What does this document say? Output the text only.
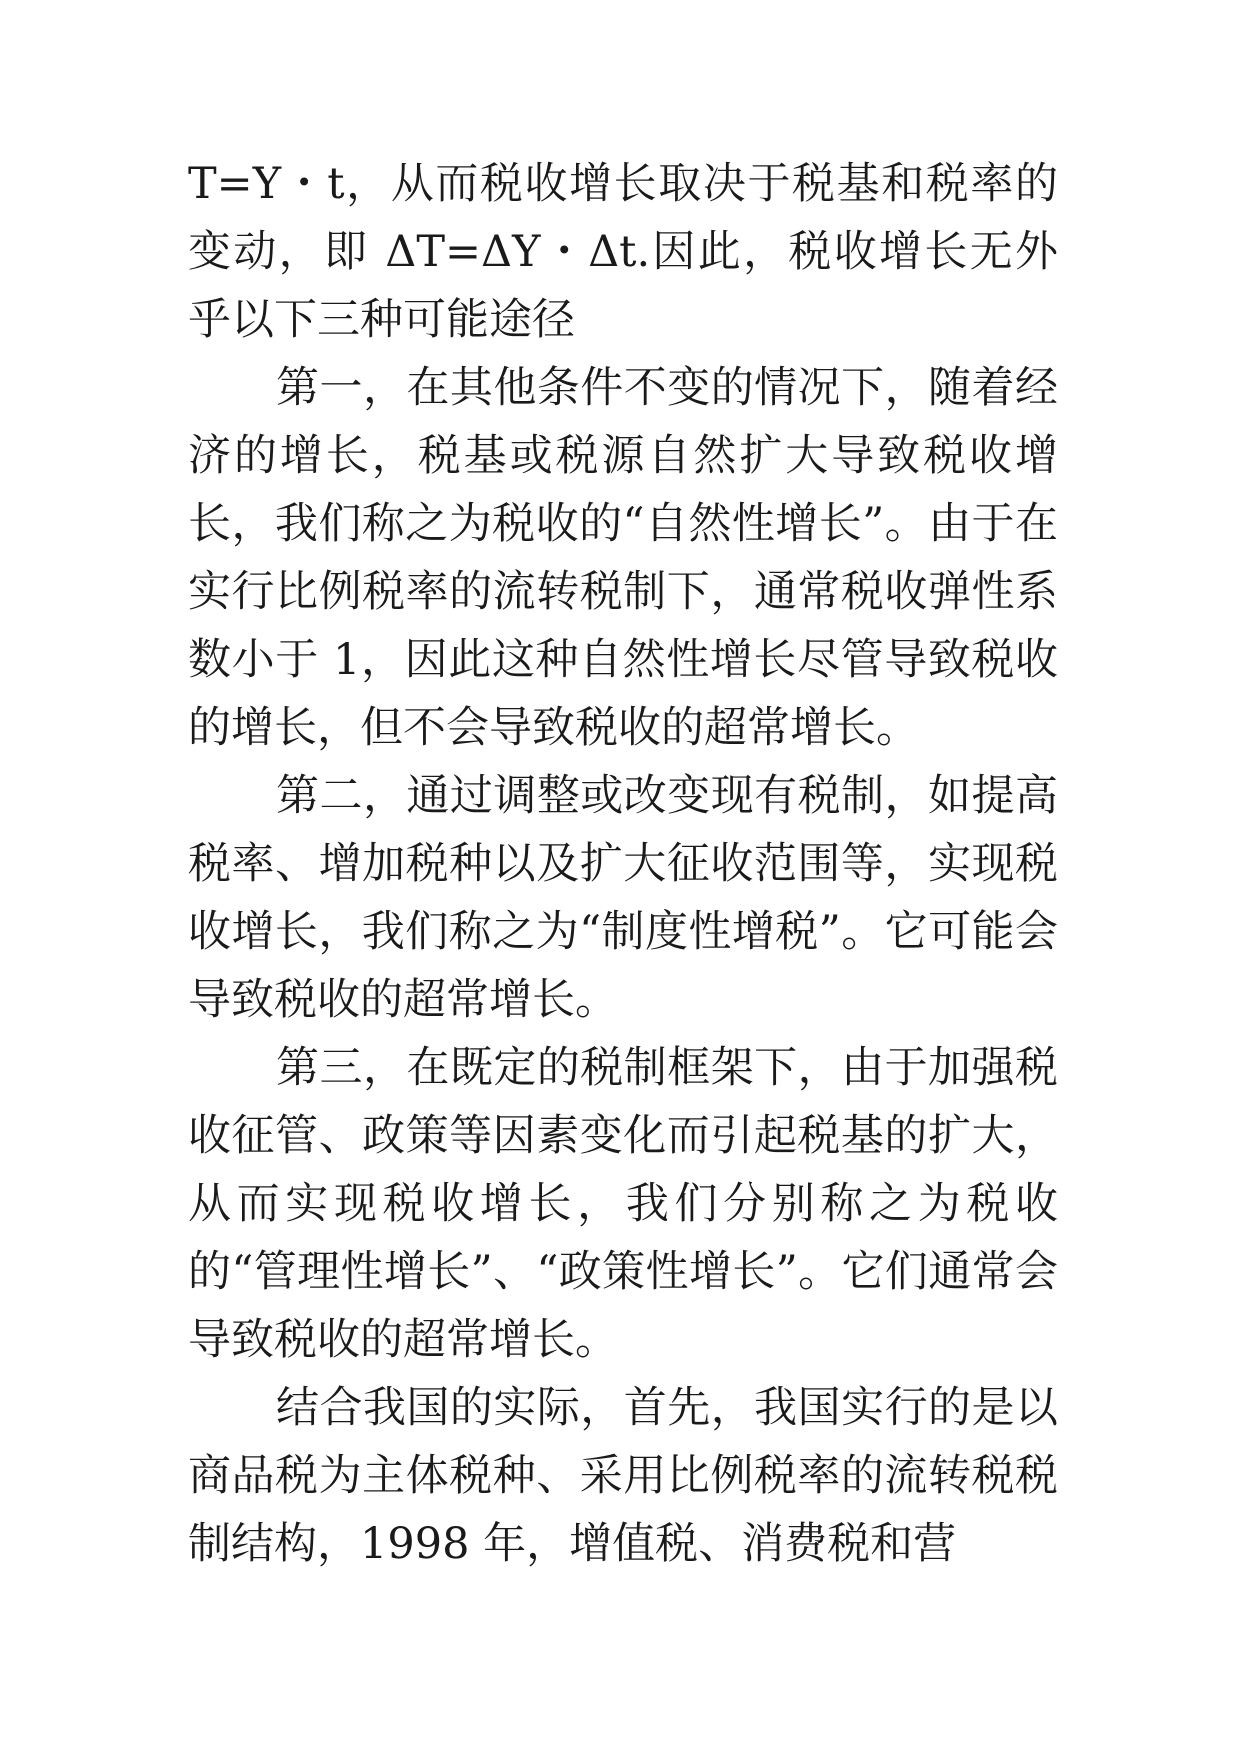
T=Y・t，从而税收增长取决于税基和税率的变动，即 ΔT=ΔY・Δt.因此，税收增长无外乎以下三种可能途径

第一，在其他条件不变的情况下，随着经济的增长，税基或税源自然扩大导致税收增长，我们称之为税收的“自然性增长”。由于在实行比例税率的流转税制下，通常税收弹性系数小于 1，因此这种自然性增长尽管导致税收的增长，但不会导致税收的超常增长。

第二，通过调整或改变现有税制，如提高税率、增加税种以及扩大征收范围等，实现税收增长，我们称之为“制度性增税”。它可能会导致税收的超常增长。

第三，在既定的税制框架下，由于加强税收征管、政策等因素变化而引起税基的扩大，从而实现税收增长，我们分别称之为税收的“管理性增长”、“政策性增长”。它们通常会导致税收的超常增长。

结合我国的实际，首先，我国实行的是以商品税为主体税种、采用比例税率的流转税税制结构，1998 年，增值税、消费税和营
